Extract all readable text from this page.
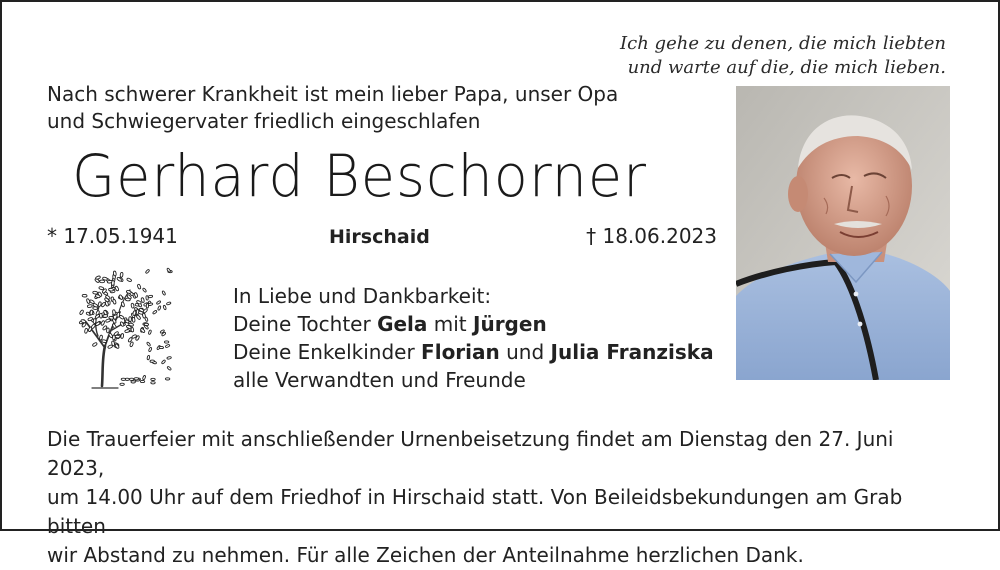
Ich gehe zu denen, die mich liebten
und warte auf die, die mich lieben.
Nach schwerer Krankheit ist mein lieber Papa, unser Opa
und Schwiegervater friedlich eingeschlafen
Gerhard Beschorner
* 17.05.1941	Hirschaid	† 18.06.2023
In Liebe und Dankbarkeit:
Deine Tochter Gela mit Jürgen
Deine Enkelkinder Florian und Julia Franziska
alle Verwandten und Freunde
Die Trauerfeier mit anschließender Urnenbeisetzung findet am Dienstag den 27. Juni 2023,
um 14.00 Uhr auf dem Friedhof in Hirschaid statt. Von Beileidsbekundungen am Grab bitten
wir Abstand zu nehmen. Für alle Zeichen der Anteilnahme herzlichen Dank.
